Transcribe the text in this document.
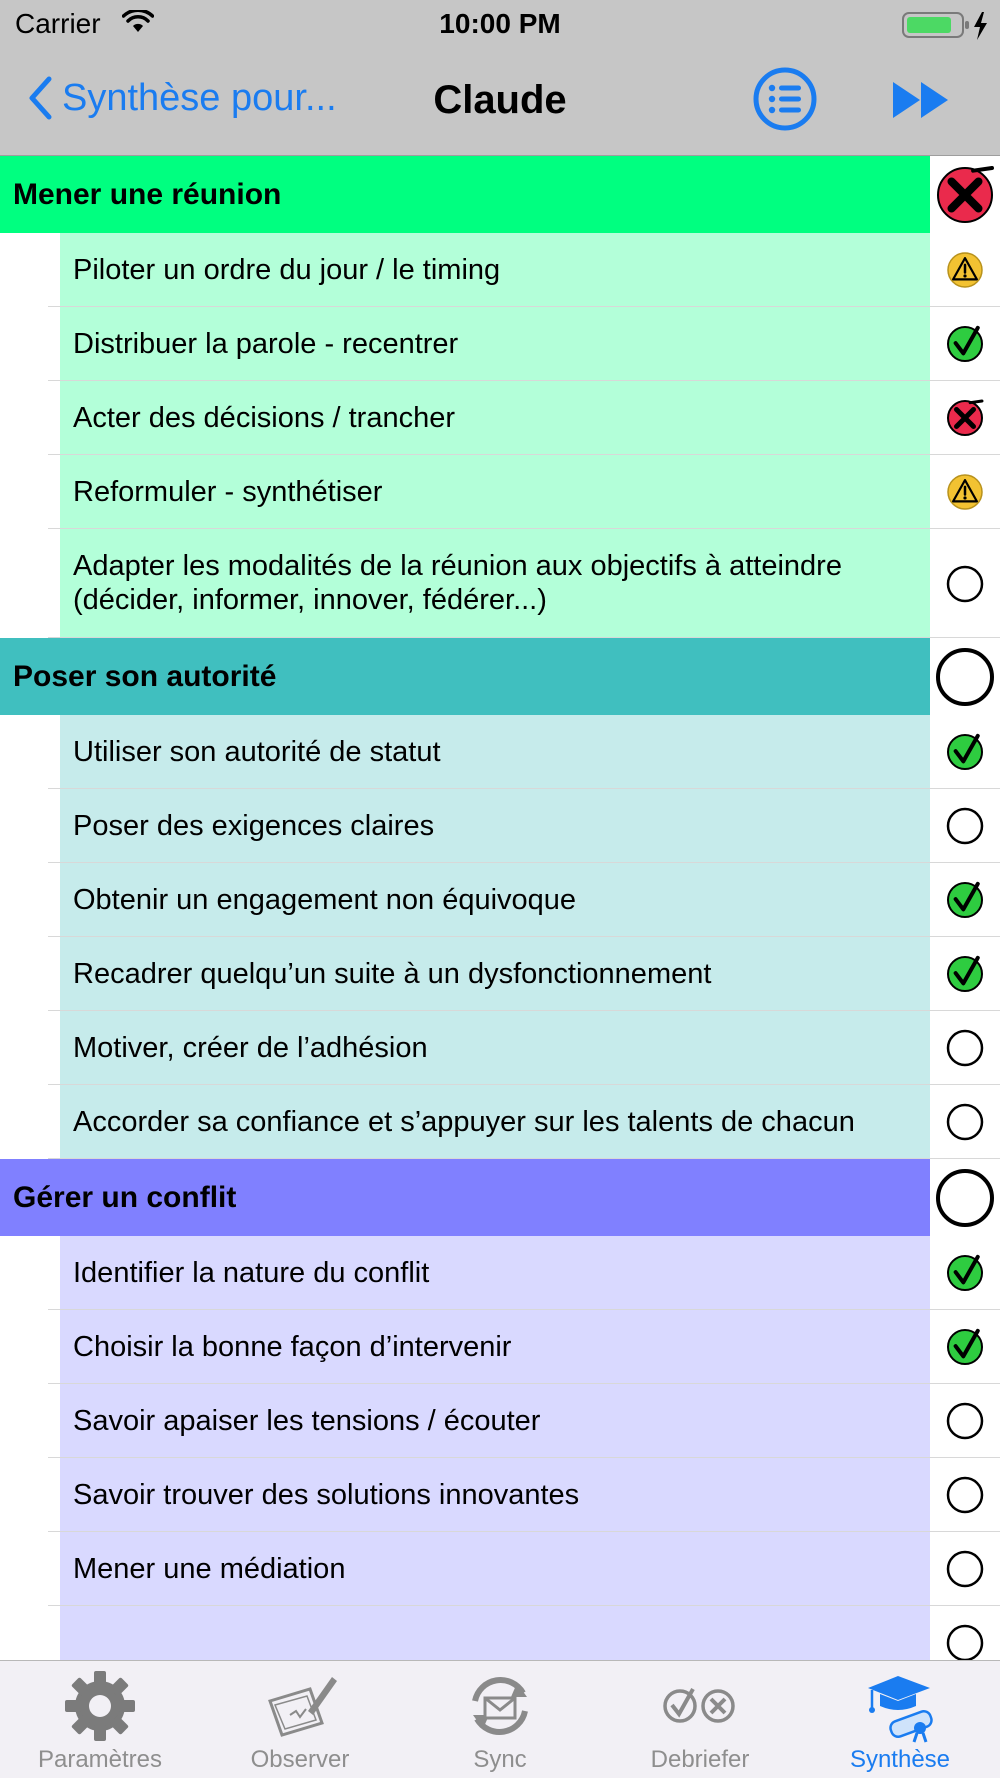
Carrier	10:00 PM
Synthèse pour...	Claude
Mener une réunion
Piloter un ordre du jour / le timing
Distribuer la parole - recentrer
Acter des décisions / trancher
Reformuler - synthétiser
Adapter les modalités de la réunion aux objectifs à atteindre (décider, informer, innover, fédérer...)
Poser son autorité
Utiliser son autorité de statut
Poser des exigences claires
Obtenir un engagement non équivoque
Recadrer quelqu’un suite à un dysfonctionnement
Motiver, créer de l’adhésion
Accorder sa confiance et s’appuyer sur les talents de chacun
Gérer un conflit
Identifier la nature du conflit
Choisir la bonne façon d’intervenir
Savoir apaiser les tensions / écouter
Savoir trouver des solutions innovantes
Mener une médiation
Paramètres	Observer	Sync	Debriefer	Synthèse
